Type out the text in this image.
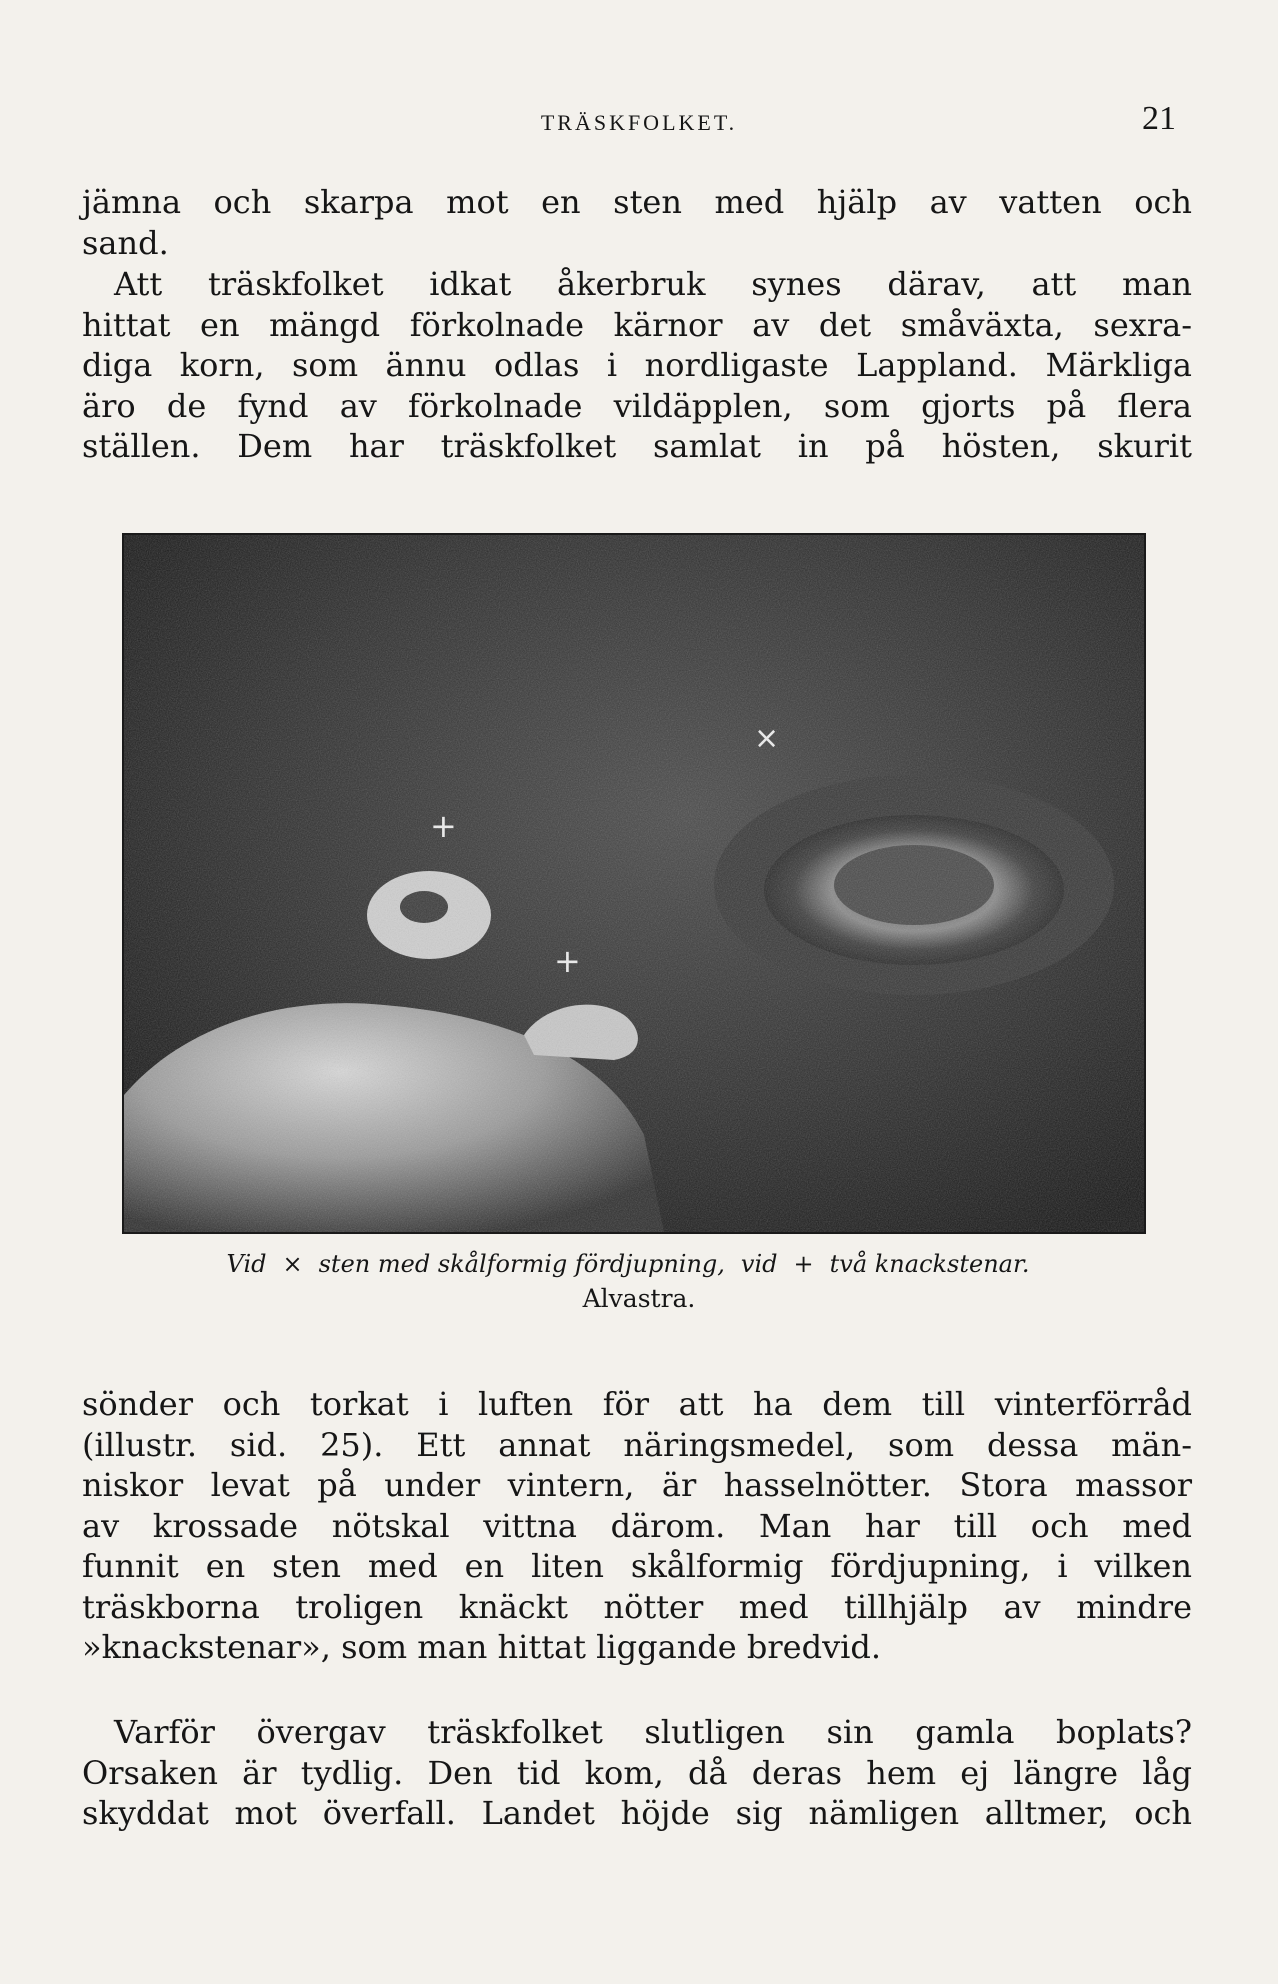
TRÄSKFOLKET.	21
jämna och skarpa mot en sten med hjälp av vatten och
sand.
Att träskfolket idkat åkerbruk synes därav, att man
hittat en mängd förkolnade kärnor av det småväxta, sexra-
diga korn, som ännu odlas i nordligaste Lappland. Märkliga
äro de fynd av förkolnade vildäpplen, som gjorts på flera
ställen. Dem har träskfolket samlat in på hösten, skurit
×
+
+
Vid × sten med skålformig fördjupning, vid + två knackstenar.
Alvastra.
sönder och torkat i luften för att ha dem till vinterförråd
(illustr. sid. 25). Ett annat näringsmedel, som dessa män-
niskor levat på under vintern, är hasselnötter. Stora massor
av krossade nötskal vittna därom. Man har till och med
funnit en sten med en liten skålformig fördjupning, i vilken
träskborna troligen knäckt nötter med tillhjälp av mindre
»knackstenar», som man hittat liggande bredvid.
Varför övergav träskfolket slutligen sin gamla boplats?
Orsaken är tydlig. Den tid kom, då deras hem ej längre låg
skyddat mot överfall. Landet höjde sig nämligen alltmer, och
